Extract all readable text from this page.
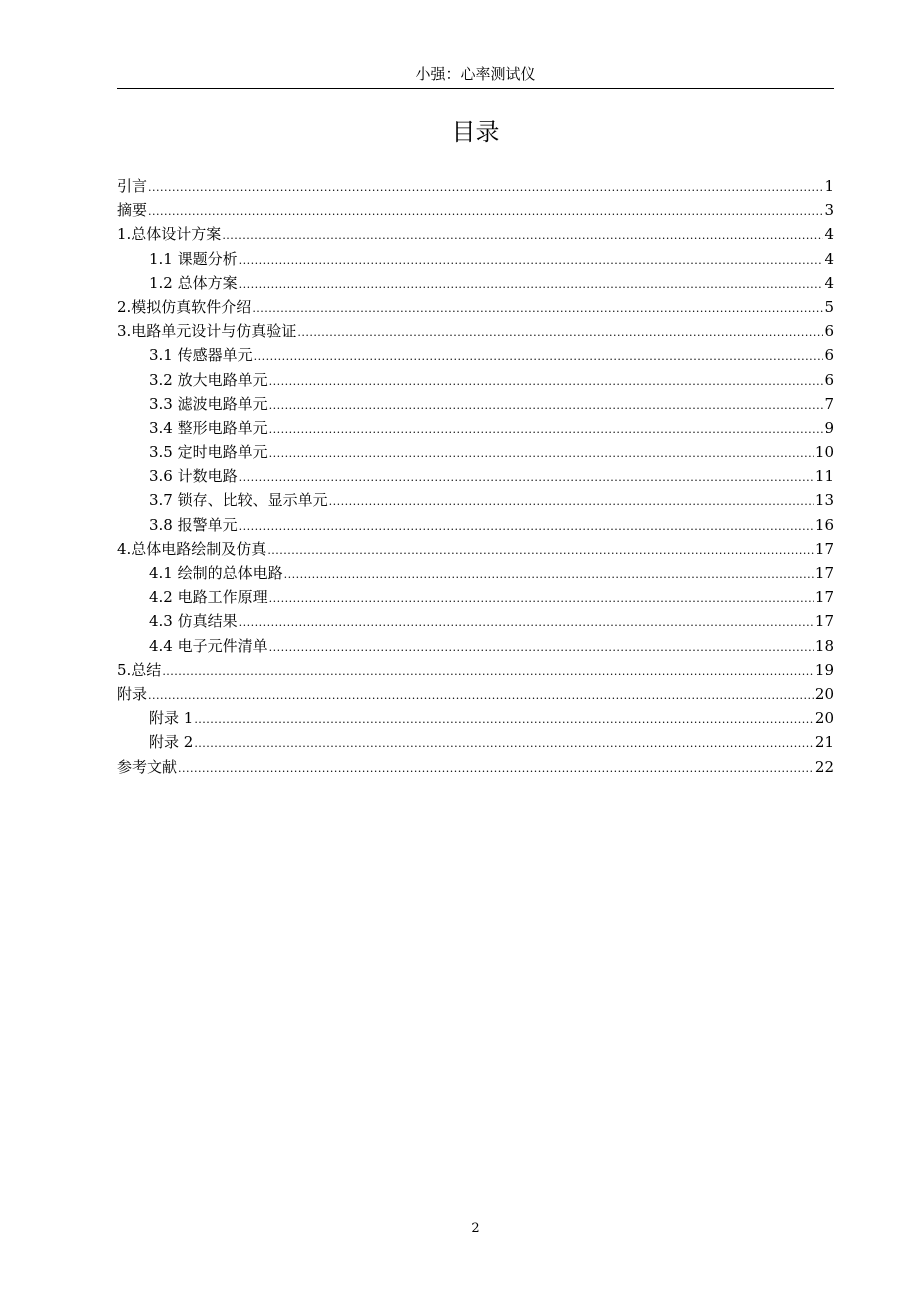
小强：心率测试仪
目录
引言 .....	1
摘要 .....	3
1.总体设计方案 .....	4
1.1 课题分析 .....	4
1.2 总体方案 .....	4
2.模拟仿真软件介绍 .....	5
3.电路单元设计与仿真验证 .....	6
3.1 传感器单元 .....	6
3.2 放大电路单元 .....	6
3.3 滤波电路单元 .....	7
3.4 整形电路单元 .....	9
3.5 定时电路单元 .....	10
3.6 计数电路 .....	11
3.7 锁存、比较、显示单元 .....	13
3.8 报警单元 .....	16
4.总体电路绘制及仿真 .....	17
4.1 绘制的总体电路 .....	17
4.2 电路工作原理 .....	17
4.3 仿真结果 .....	17
4.4 电子元件清单 .....	18
5.总结 .....	19
附录 .....	20
附录 1 .....	20
附录 2 .....	21
参考文献 .....	22
2
